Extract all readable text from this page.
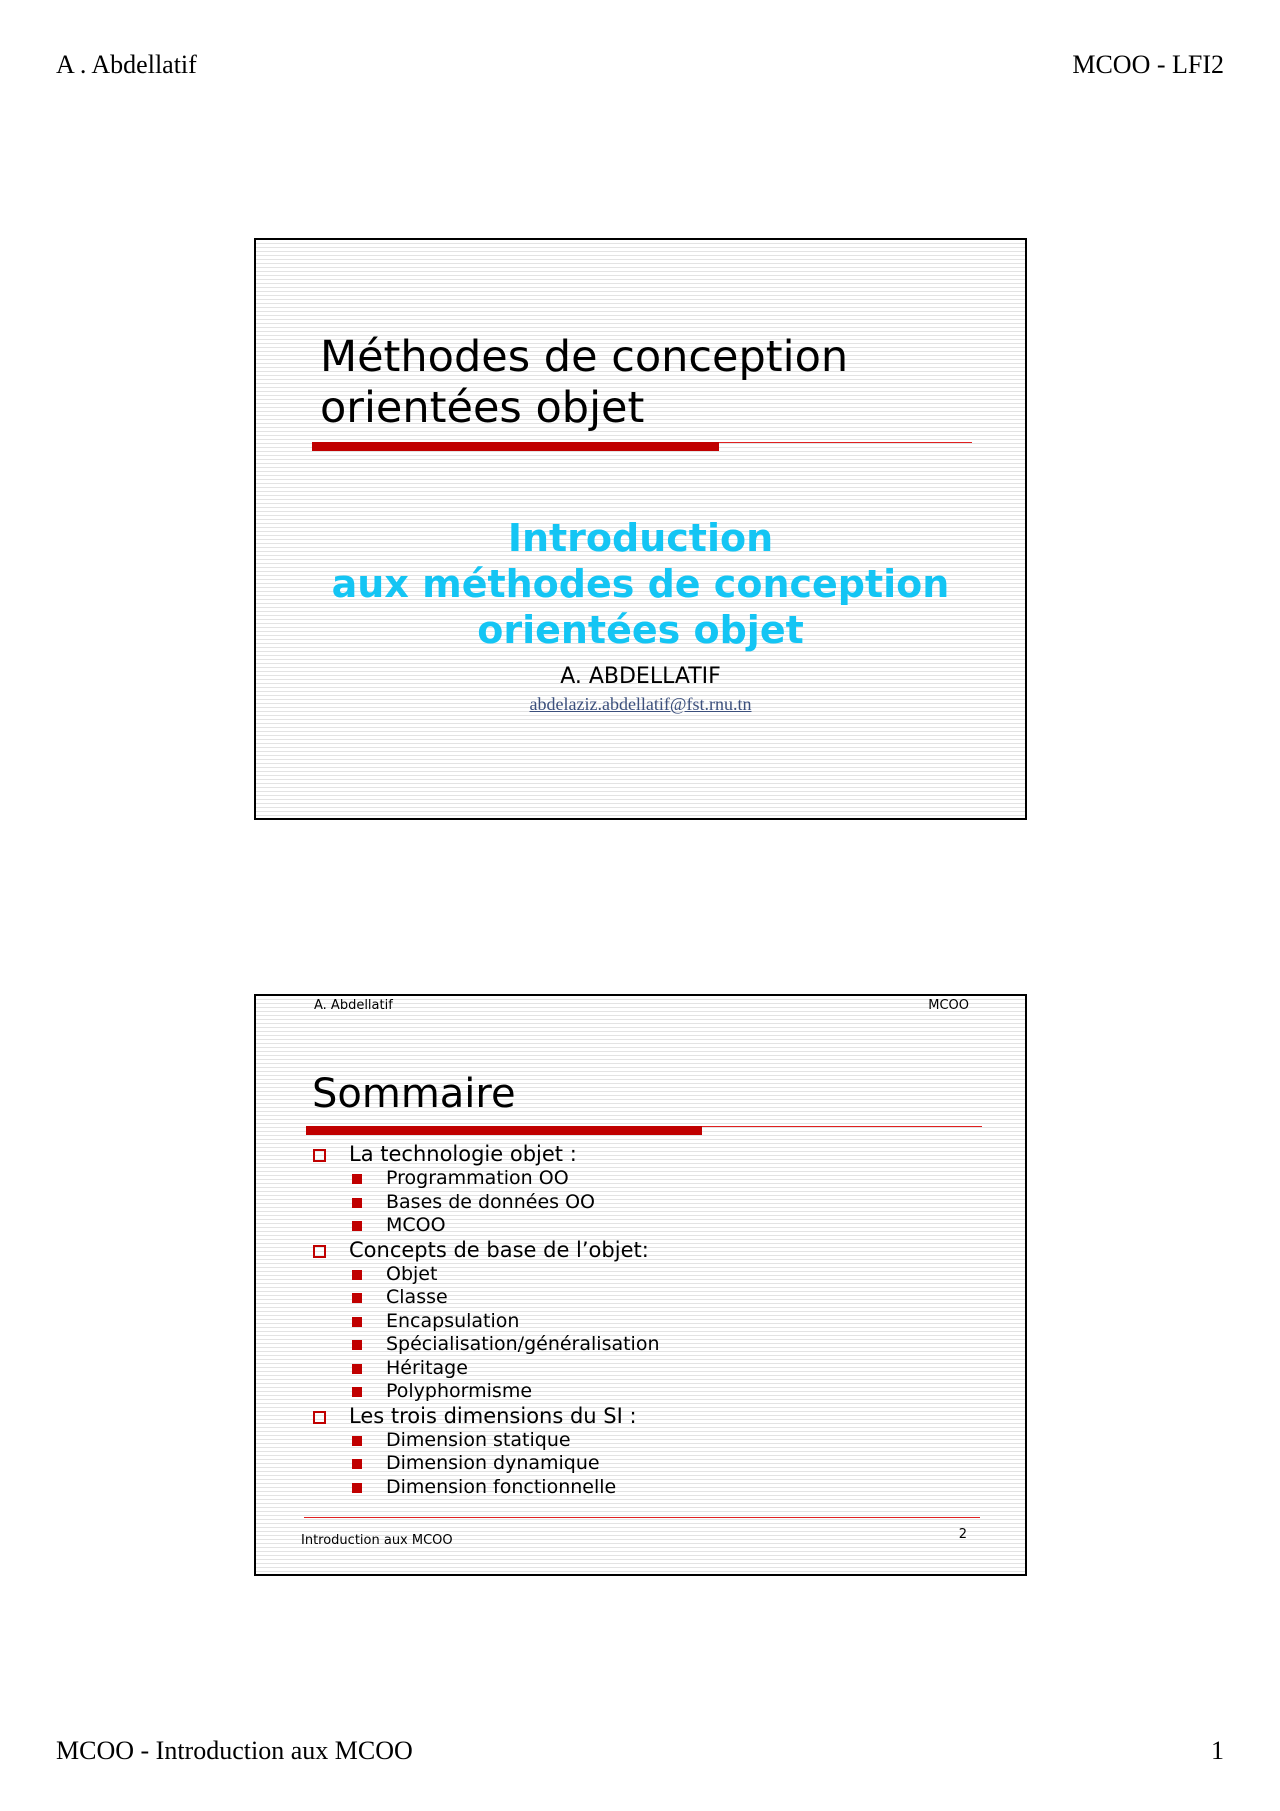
A . Abdellatif	MCOO - LFI2
Méthodes de conception
orientées objet
Introduction
aux méthodes de conception
orientées objet
A. ABDELLATIF
abdelaziz.abdellatif@fst.rnu.tn
A. Abdellatif	MCOO
Sommaire
La technologie objet :
Programmation OO
Bases de données OO
MCOO
Concepts de base de l’objet:
Objet
Classe
Encapsulation
Spécialisation/généralisation
Héritage
Polyphormisme
Les trois dimensions du SI :
Dimension statique
Dimension dynamique
Dimension fonctionnelle
Introduction aux MCOO	2
MCOO - Introduction aux MCOO	1
